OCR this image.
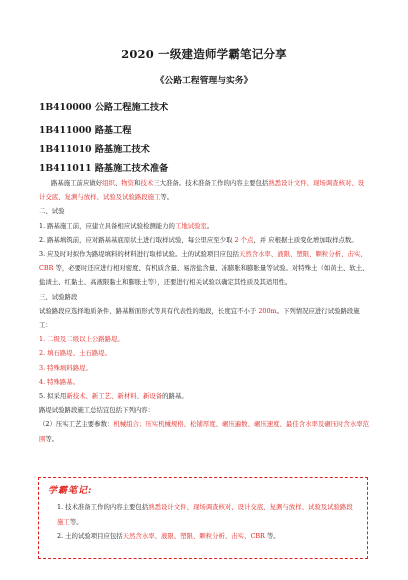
2020 一级建造师学霸笔记分享
《公路工程管理与实务》
1B410000 公路工程施工技术
1B411000 路基工程
1B411010 路基施工技术
1B411011 路基施工技术准备

路基施工前应做好组织、物资和技术三大准备。技术准备工作的内容主要包括熟悉设计文件、现场调查核对、设计交底、复测与放样、试验及试验路段施工等。

二、试验

1. 路基施工前，应建立具备相应试验检测能力的工地试验室。

2. 路基填筑前，应对路基基底原状土进行取样试验，每公里应至少取 2 个点，并 应根据土质变化增加取样点数。

3. 应及时对拟作为路堤填料的材料进行取样试验。土的试验项目应包括天然含水率、液限、塑限、颗粒分析、击实、CBR 等，必要时还应进行相对密度、有机质含量、易溶盐含量、冻膨胀和膨胀量等试验。对特殊土（如黄土、软土、盐渍土、红黏土、高液限黏土和膨胀土等），还要进行相关试验以确定其性质及其适用性。

三、试验路段

试验路段应选择地质条件、路基断面形式等具有代表性的地段，长度宜不小于 200m。下列情况应进行试验路段施工：

1. 二级及二级以上公路路堤。

2. 填石路堤、土石路堤。

3. 特殊填料路堤。

4. 特殊路基。

5. 拟采用新技术、新工艺、新材料、新设备的路基。

路堤试验路段施工总结宜包括下列内容：

（2）压实工艺主要参数：机械组合；压实机械规格、松铺厚度、碾压遍数、碾压速度、最佳含水率及碾压时含水率范围等。

学霸笔记:

1. 技术准备工作的内容主要包括熟悉设计文件、现场调查核对、设计交底、复测与放样、试验及试验路段施工等。

2. 土的试验项目应包括天然含水率、液限、塑限、颗粒分析、击实、CBR 等。
